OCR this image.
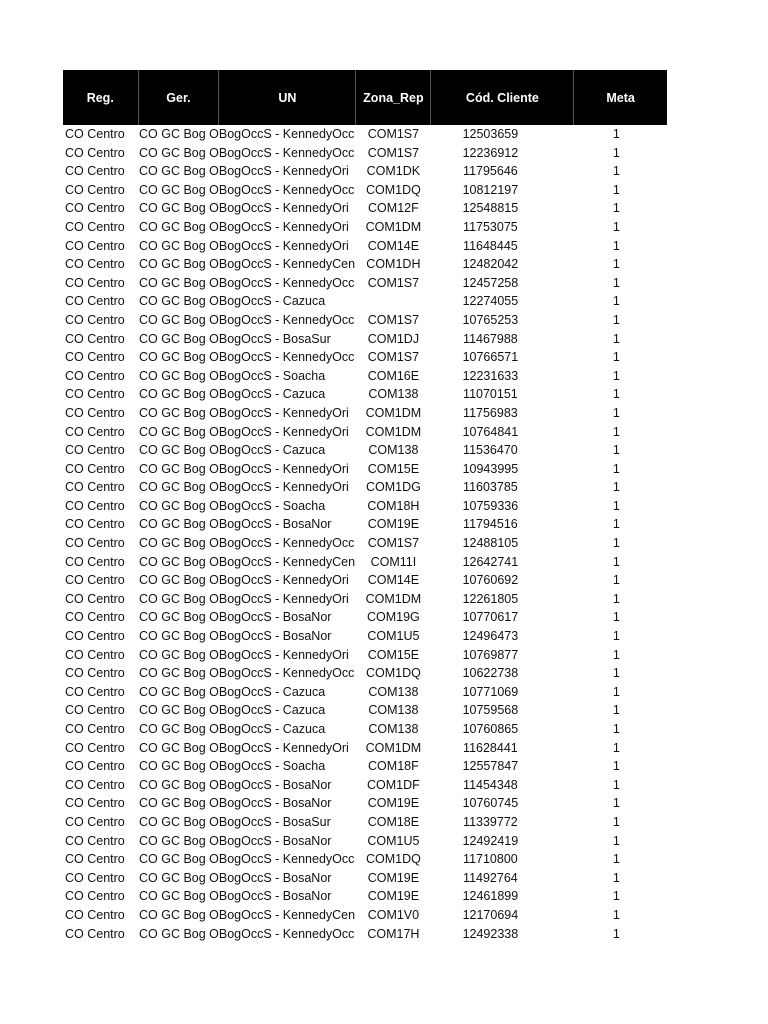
Reg.	Ger.	UN	Zona_Rep	Cód. Cliente	Meta
CO Centro	CO GC Bog O	BogOccS - KennedyOcc	COM1S7	12503659	1
CO Centro	CO GC Bog O	BogOccS - KennedyOcc	COM1S7	12236912	1
CO Centro	CO GC Bog O	BogOccS - KennedyOri	COM1DK	11795646	1
CO Centro	CO GC Bog O	BogOccS - KennedyOcc	COM1DQ	10812197	1
CO Centro	CO GC Bog O	BogOccS - KennedyOri	COM12F	12548815	1
CO Centro	CO GC Bog O	BogOccS - KennedyOri	COM1DM	11753075	1
CO Centro	CO GC Bog O	BogOccS - KennedyOri	COM14E	11648445	1
CO Centro	CO GC Bog O	BogOccS - KennedyCen	COM1DH	12482042	1
CO Centro	CO GC Bog O	BogOccS - KennedyOcc	COM1S7	12457258	1
CO Centro	CO GC Bog O	BogOccS - Cazuca		12274055	1
CO Centro	CO GC Bog O	BogOccS - KennedyOcc	COM1S7	10765253	1
CO Centro	CO GC Bog O	BogOccS - BosaSur	COM1DJ	11467988	1
CO Centro	CO GC Bog O	BogOccS - KennedyOcc	COM1S7	10766571	1
CO Centro	CO GC Bog O	BogOccS - Soacha	COM16E	12231633	1
CO Centro	CO GC Bog O	BogOccS - Cazuca	COM138	11070151	1
CO Centro	CO GC Bog O	BogOccS - KennedyOri	COM1DM	11756983	1
CO Centro	CO GC Bog O	BogOccS - KennedyOri	COM1DM	10764841	1
CO Centro	CO GC Bog O	BogOccS - Cazuca	COM138	11536470	1
CO Centro	CO GC Bog O	BogOccS - KennedyOri	COM15E	10943995	1
CO Centro	CO GC Bog O	BogOccS - KennedyOri	COM1DG	11603785	1
CO Centro	CO GC Bog O	BogOccS - Soacha	COM18H	10759336	1
CO Centro	CO GC Bog O	BogOccS - BosaNor	COM19E	11794516	1
CO Centro	CO GC Bog O	BogOccS - KennedyOcc	COM1S7	12488105	1
CO Centro	CO GC Bog O	BogOccS - KennedyCen	COM11I	12642741	1
CO Centro	CO GC Bog O	BogOccS - KennedyOri	COM14E	10760692	1
CO Centro	CO GC Bog O	BogOccS - KennedyOri	COM1DM	12261805	1
CO Centro	CO GC Bog O	BogOccS - BosaNor	COM19G	10770617	1
CO Centro	CO GC Bog O	BogOccS - BosaNor	COM1U5	12496473	1
CO Centro	CO GC Bog O	BogOccS - KennedyOri	COM15E	10769877	1
CO Centro	CO GC Bog O	BogOccS - KennedyOcc	COM1DQ	10622738	1
CO Centro	CO GC Bog O	BogOccS - Cazuca	COM138	10771069	1
CO Centro	CO GC Bog O	BogOccS - Cazuca	COM138	10759568	1
CO Centro	CO GC Bog O	BogOccS - Cazuca	COM138	10760865	1
CO Centro	CO GC Bog O	BogOccS - KennedyOri	COM1DM	11628441	1
CO Centro	CO GC Bog O	BogOccS - Soacha	COM18F	12557847	1
CO Centro	CO GC Bog O	BogOccS - BosaNor	COM1DF	11454348	1
CO Centro	CO GC Bog O	BogOccS - BosaNor	COM19E	10760745	1
CO Centro	CO GC Bog O	BogOccS - BosaSur	COM18E	11339772	1
CO Centro	CO GC Bog O	BogOccS - BosaNor	COM1U5	12492419	1
CO Centro	CO GC Bog O	BogOccS - KennedyOcc	COM1DQ	11710800	1
CO Centro	CO GC Bog O	BogOccS - BosaNor	COM19E	11492764	1
CO Centro	CO GC Bog O	BogOccS - BosaNor	COM19E	12461899	1
CO Centro	CO GC Bog O	BogOccS - KennedyCen	COM1V0	12170694	1
CO Centro	CO GC Bog O	BogOccS - KennedyOcc	COM17H	12492338	1
